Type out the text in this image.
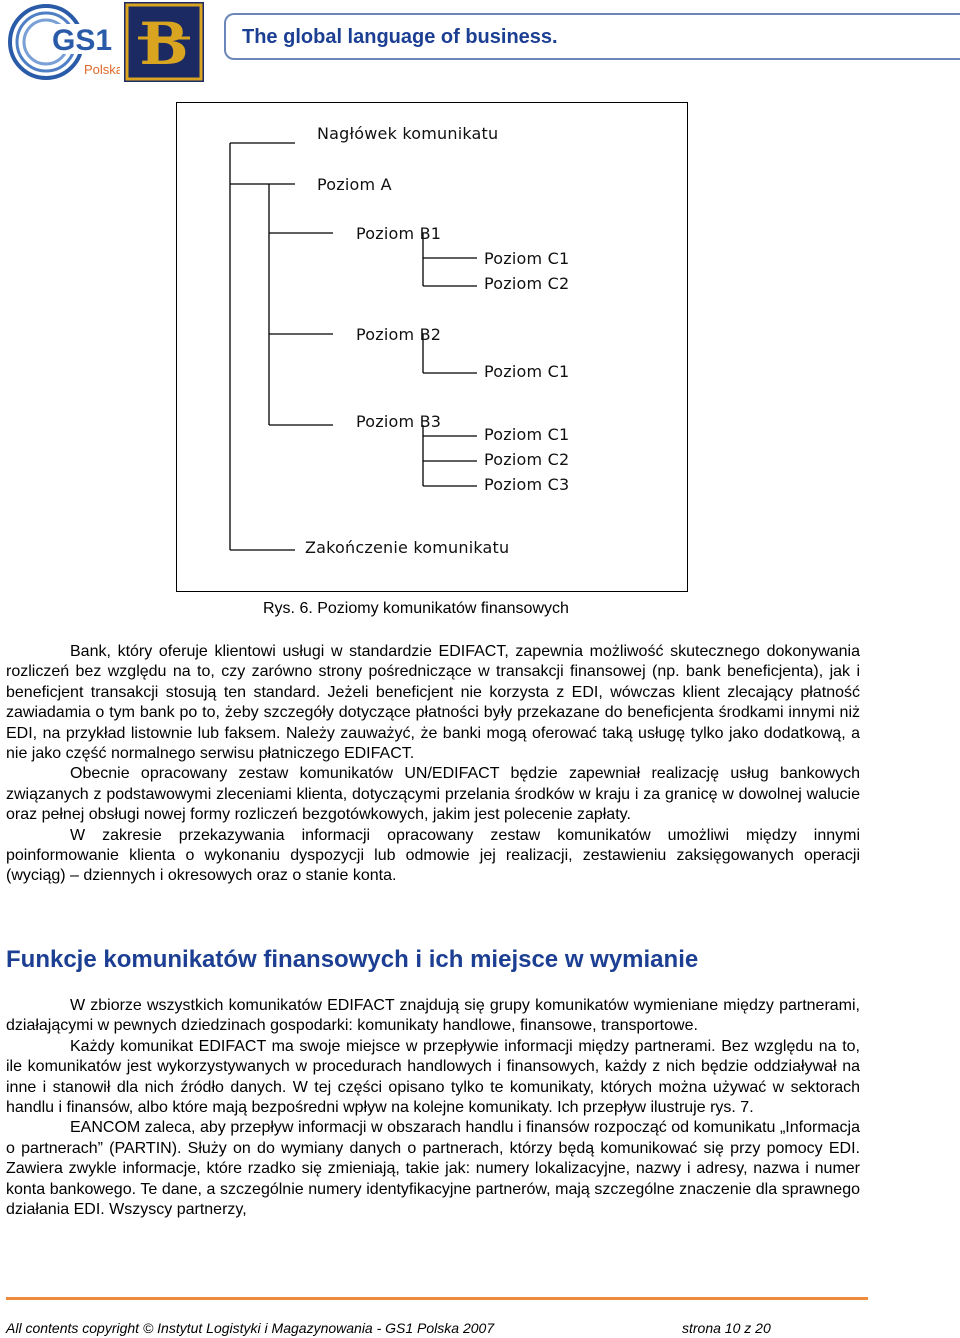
GS1
Polska B	The global language of business.
Nagłówek komunikatu
Poziom A
Poziom B1
Poziom C1
Poziom C2
Poziom B2
Poziom C1
Poziom B3
Poziom C1
Poziom C2
Poziom C3
Zakończenie komunikatu
Rys. 6. Poziomy komunikatów finansowych

Bank, który oferuje klientowi usługi w standardzie EDIFACT, zapewnia możliwość skutecznego dokonywania rozliczeń bez względu na to, czy zarówno strony pośredniczące w transakcji finansowej (np. bank beneficjenta), jak i beneficjent transakcji stosują ten standard. Jeżeli beneficjent nie korzysta z EDI, wówczas klient zlecający płatność zawiadamia o tym bank po to, żeby szczegóły dotyczące płatności były przekazane do beneficjenta środkami innymi niż EDI, na przykład listownie lub faksem. Należy zauważyć, że banki mogą oferować taką usługę tylko jako dodatkową, a nie jako część normalnego serwisu płatniczego EDIFACT.

Obecnie opracowany zestaw komunikatów UN/EDIFACT będzie zapewniał realizację usług bankowych związanych z podstawowymi zleceniami klienta, dotyczącymi przelania środków w kraju i za granicę w dowolnej walucie oraz pełnej obsługi nowej formy rozliczeń bezgotówkowych, jakim jest polecenie zapłaty.

W zakresie przekazywania informacji opracowany zestaw komunikatów umożliwi między innymi poinformowanie klienta o wykonaniu dyspozycji lub odmowie jej realizacji, zestawieniu zaksięgowanych operacji (wyciąg) – dziennych i okresowych oraz o stanie konta.

Funkcje komunikatów finansowych i ich miejsce w wymianie

W zbiorze wszystkich komunikatów EDIFACT znajdują się grupy komunikatów wymieniane między partnerami, działającymi w pewnych dziedzinach gospodarki: komunikaty handlowe, finansowe, transportowe.

Każdy komunikat EDIFACT ma swoje miejsce w przepływie informacji między partnerami. Bez względu na to, ile komunikatów jest wykorzystywanych w procedurach handlowych i finansowych, każdy z nich będzie oddziaływał na inne i stanowił dla nich źródło danych. W tej części opisano tylko te komunikaty, których można używać w sektorach handlu i finansów, albo które mają bezpośredni wpływ na kolejne komunikaty. Ich przepływ ilustruje rys. 7.

EANCOM zaleca, aby przepływ informacji w obszarach handlu i finansów rozpocząć od komunikatu „Informacja o partnerach” (PARTIN). Służy on do wymiany danych o partnerach, którzy będą komunikować się przy pomocy EDI. Zawiera zwykle informacje, które rzadko się zmieniają, takie jak: numery lokalizacyjne, nazwy i adresy, nazwa i numer konta bankowego. Te dane, a szczególnie numery identyfikacyjne partnerów, mają szczególne znaczenie dla sprawnego działania EDI. Wszyscy partnerzy,

All contents copyright © Instytut Logistyki i Magazynowania - GS1 Polska 2007	strona 10 z 20
